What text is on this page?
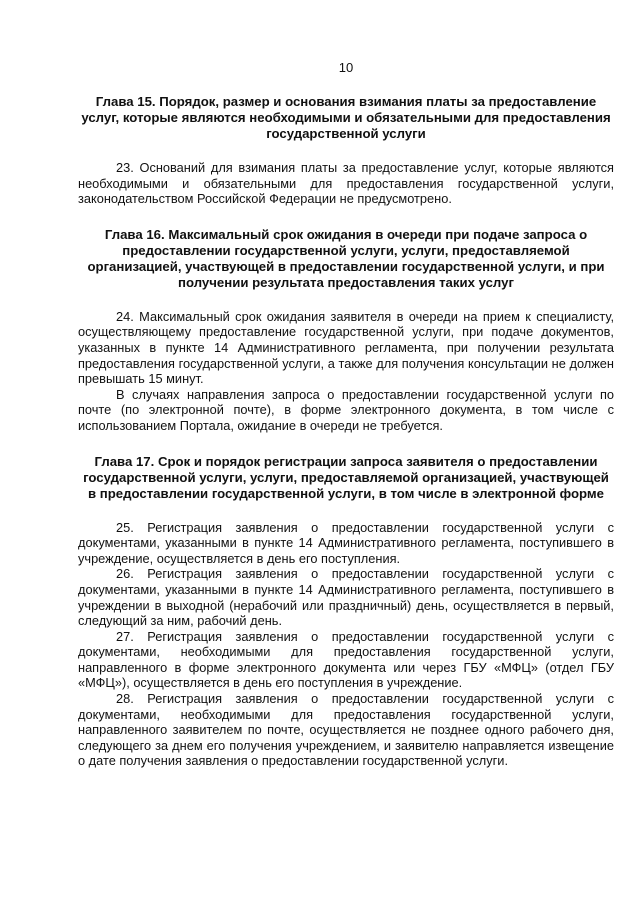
10
Глава 15. Порядок, размер и основания взимания платы за предоставление услуг, которые являются необходимыми и обязательными для предоставления государственной услуги

23. Оснований для взимания платы за предоставление услуг, которые являются необходимыми и обязательными для предоставления государственной услуги, законодательством Российской Федерации не предусмотрено.

Глава 16. Максимальный срок ожидания в очереди при подаче запроса о предоставлении государственной услуги, услуги, предоставляемой организацией, участвующей в предоставлении государственной услуги, и при получении результата предоставления таких услуг

24. Максимальный срок ожидания заявителя в очереди на прием к специалисту, осуществляющему предоставление государственной услуги, при подаче документов, указанных в пункте 14 Административного регламента, при получении результата предоставления государственной услуги, а также для получения консультации не должен превышать 15 минут.

В случаях направления запроса о предоставлении государственной услуги по почте (по электронной почте), в форме электронного документа, в том числе с использованием Портала, ожидание в очереди не требуется.

Глава 17. Срок и порядок регистрации запроса заявителя о предоставлении государственной услуги, услуги, предоставляемой организацией, участвующей в предоставлении государственной услуги, в том числе в электронной форме

25. Регистрация заявления о предоставлении государственной услуги с документами, указанными в пункте 14 Административного регламента, поступившего в учреждение, осуществляется в день его поступления.

26. Регистрация заявления о предоставлении государственной услуги с документами, указанными в пункте 14 Административного регламента, поступившего в учреждении в выходной (нерабочий или праздничный) день, осуществляется в первый, следующий за ним, рабочий день.

27. Регистрация заявления о предоставлении государственной услуги с документами, необходимыми для предоставления государственной услуги, направленного в форме электронного документа или через ГБУ «МФЦ» (отдел ГБУ «МФЦ»), осуществляется в день его поступления в учреждение.

28. Регистрация заявления о предоставлении государственной услуги с документами, необходимыми для предоставления государственной услуги, направленного заявителем по почте, осуществляется не позднее одного рабочего дня, следующего за днем его получения учреждением, и заявителю направляется извещение о дате получения заявления о предоставлении государственной услуги.
